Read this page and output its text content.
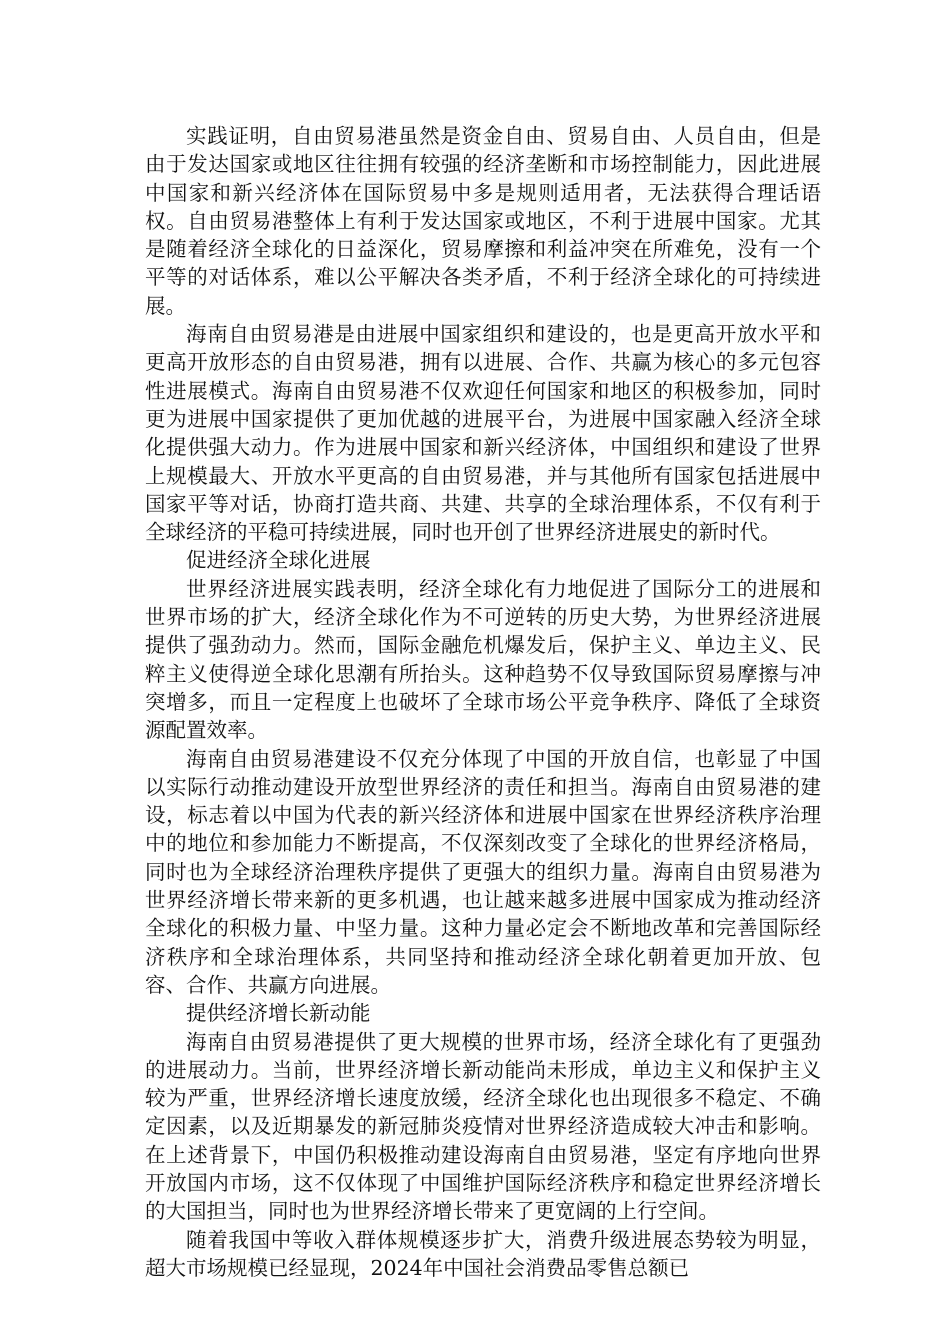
实践证明，自由贸易港虽然是资金自由、贸易自由、人员自由，但是由于发达国家或地区往往拥有较强的经济垄断和市场控制能力，因此进展中国家和新兴经济体在国际贸易中多是规则适用者，无法获得合理话语权。自由贸易港整体上有利于发达国家或地区，不利于进展中国家。尤其是随着经济全球化的日益深化，贸易摩擦和利益冲突在所难免，没有一个平等的对话体系，难以公平解决各类矛盾，不利于经济全球化的可持续进展。

海南自由贸易港是由进展中国家组织和建设的，也是更高开放水平和更高开放形态的自由贸易港，拥有以进展、合作、共赢为核心的多元包容性进展模式。海南自由贸易港不仅欢迎任何国家和地区的积极参加，同时更为进展中国家提供了更加优越的进展平台，为进展中国家融入经济全球化提供强大动力。作为进展中国家和新兴经济体，中国组织和建设了世界上规模最大、开放水平更高的自由贸易港，并与其他所有国家包括进展中国家平等对话，协商打造共商、共建、共享的全球治理体系，不仅有利于全球经济的平稳可持续进展，同时也开创了世界经济进展史的新时代。

促进经济全球化进展

世界经济进展实践表明，经济全球化有力地促进了国际分工的进展和世界市场的扩大，经济全球化作为不可逆转的历史大势，为世界经济进展提供了强劲动力。然而，国际金融危机爆发后，保护主义、单边主义、民粹主义使得逆全球化思潮有所抬头。这种趋势不仅导致国际贸易摩擦与冲突增多，而且一定程度上也破坏了全球市场公平竞争秩序、降低了全球资源配置效率。

海南自由贸易港建设不仅充分体现了中国的开放自信，也彰显了中国以实际行动推动建设开放型世界经济的责任和担当。海南自由贸易港的建设，标志着以中国为代表的新兴经济体和进展中国家在世界经济秩序治理中的地位和参加能力不断提高，不仅深刻改变了全球化的世界经济格局，同时也为全球经济治理秩序提供了更强大的组织力量。海南自由贸易港为世界经济增长带来新的更多机遇，也让越来越多进展中国家成为推动经济全球化的积极力量、中坚力量。这种力量必定会不断地改革和完善国际经济秩序和全球治理体系，共同坚持和推动经济全球化朝着更加开放、包容、合作、共赢方向进展。

提供经济增长新动能

海南自由贸易港提供了更大规模的世界市场，经济全球化有了更强劲的进展动力。当前，世界经济增长新动能尚未形成，单边主义和保护主义较为严重，世界经济增长速度放缓，经济全球化也出现很多不稳定、不确定因素，以及近期暴发的新冠肺炎疫情对世界经济造成较大冲击和影响。在上述背景下，中国仍积极推动建设海南自由贸易港，坚定有序地向世界开放国内市场，这不仅体现了中国维护国际经济秩序和稳定世界经济增长的大国担当，同时也为世界经济增长带来了更宽阔的上行空间。

随着我国中等收入群体规模逐步扩大，消费升级进展态势较为明显，超大市场规模已经显现，2024年中国社会消费品零售总额已
